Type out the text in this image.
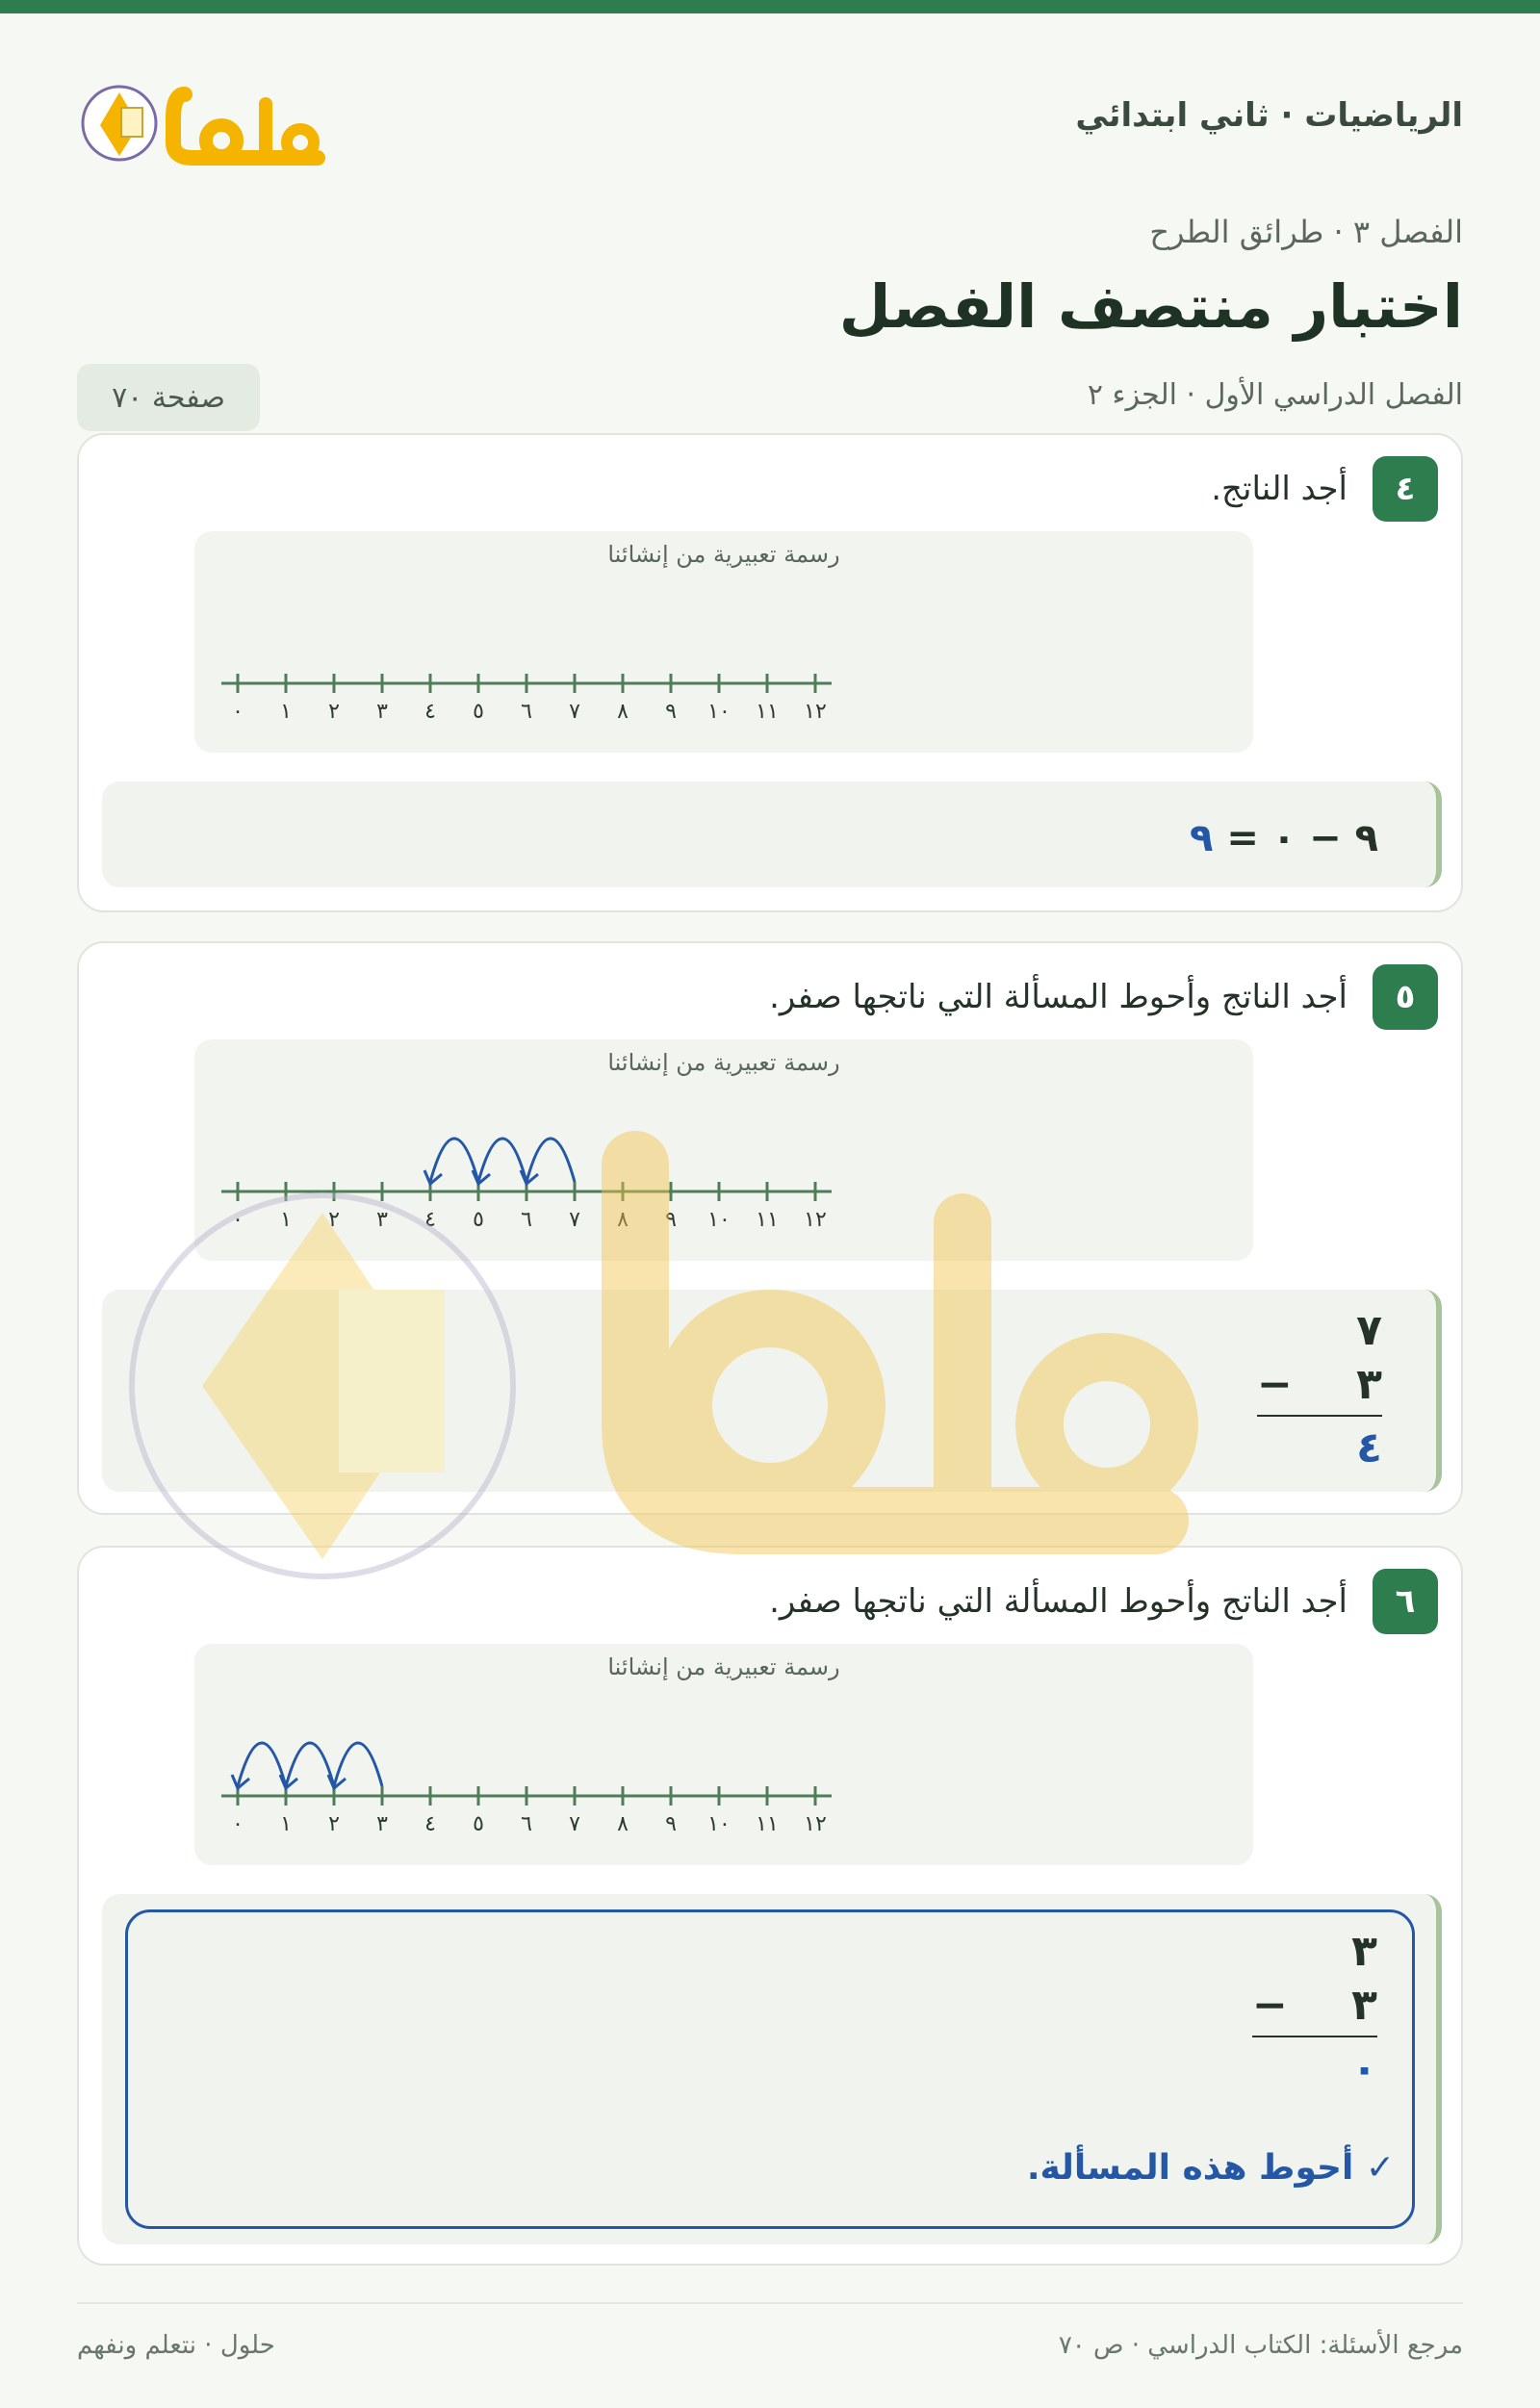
الرياضيات · ثاني ابتدائي
الفصل ٣ · طرائق الطرح
اختبار منتصف الفصل
الفصل الدراسي الأول · الجزء ٢
صفحة ٧٠
٤
أجد الناتج.
رسمة تعبيرية من إنشائنا
٠ ١ ٢ ٣ ٤ ٥ ٦ ٧ ٨ ٩ ١٠ ١١ ١٢
٩ − ٠ = ٩
٥
أجد الناتج وأحوط المسألة التي ناتجها صفر.
رسمة تعبيرية من إنشائنا
٠ ١ ٢ ٣ ٤ ٥ ٦ ٧ ٨ ٩ ١٠ ١١ ١٢
٧
− ٣
٤
٦
أجد الناتج وأحوط المسألة التي ناتجها صفر.
رسمة تعبيرية من إنشائنا
٠ ١ ٢ ٣ ٤ ٥ ٦ ٧ ٨ ٩ ١٠ ١١ ١٢
٣
− ٣
٠
✓ أحوط هذه المسألة.
مرجع الأسئلة: الكتاب الدراسي · ص ٧٠
حلول · نتعلم ونفهم
